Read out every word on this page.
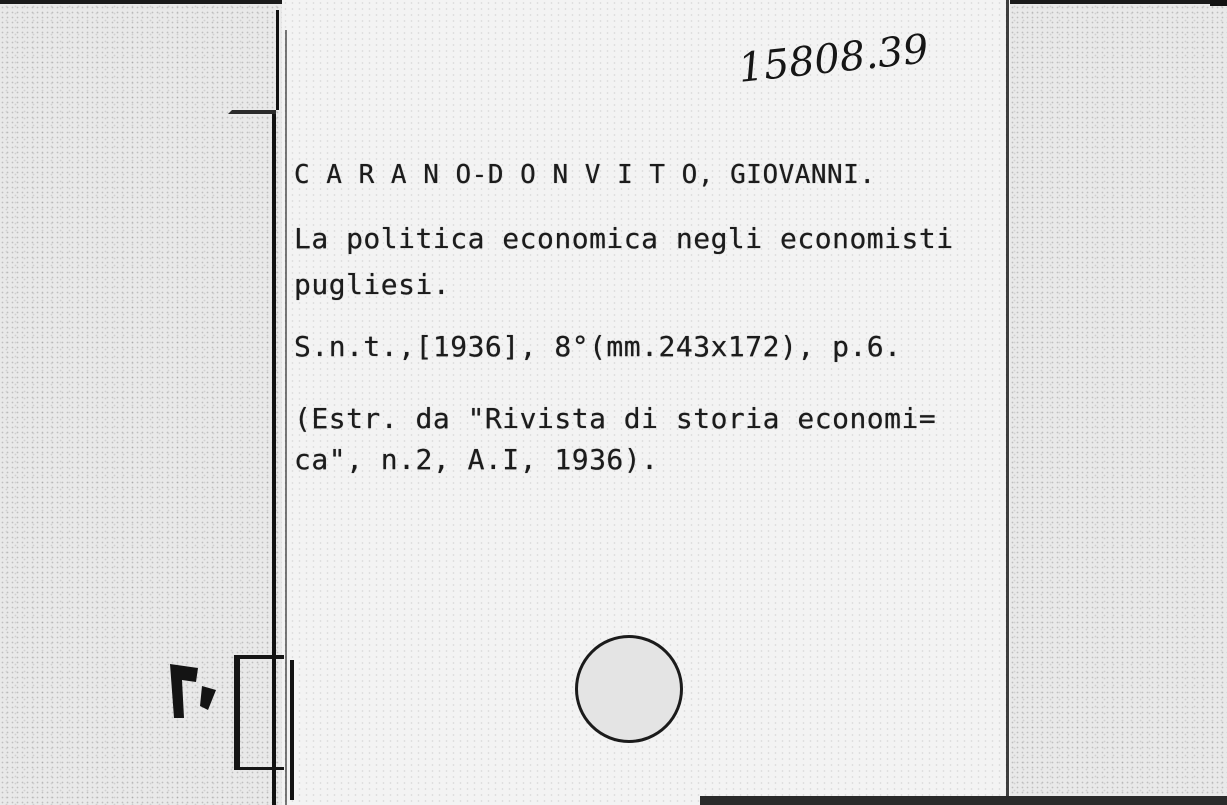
15808.39
C A R A N O-D O N V I T O, GIOVANNI.
La politica economica negli economisti
pugliesi.
S.n.t.,[1936], 8°(mm.243x172), p.6.
(Estr. da "Rivista di storia economi=
ca", n.2, A.I, 1936).
